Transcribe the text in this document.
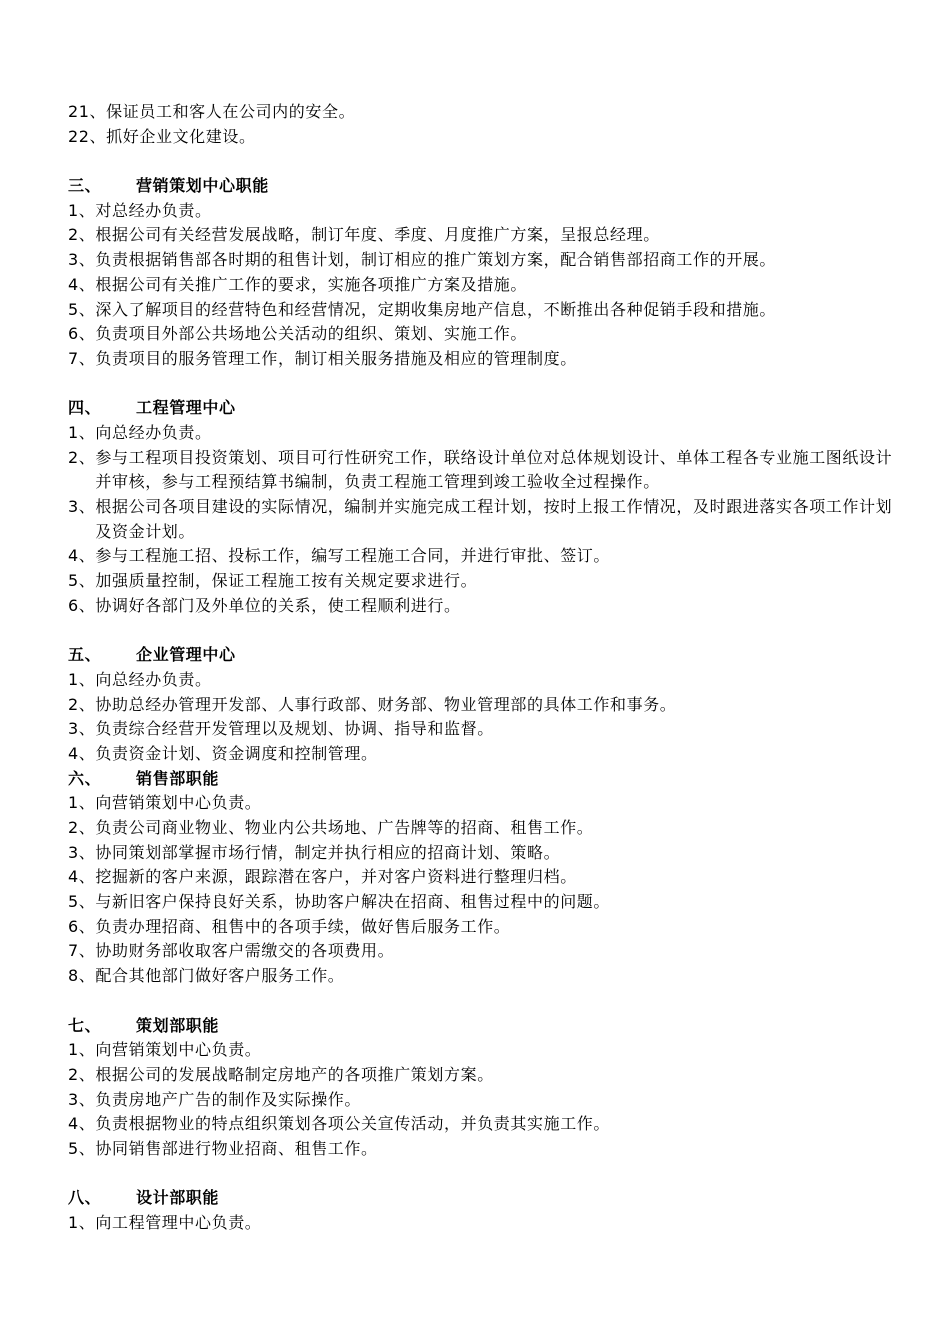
21、 保证员工和客人在公司内的安全。
22、 抓好企业文化建设。
三、	营销策划中心职能
1、 对总经办负责。
2、 根据公司有关经营发展战略，制订年度、季度、月度推广方案，呈报总经理。
3、 负责根据销售部各时期的租售计划，制订相应的推广策划方案，配合销售部招商工作的开展。
4、 根据公司有关推广工作的要求，实施各项推广方案及措施。
5、 深入了解项目的经营特色和经营情况，定期收集房地产信息，不断推出各种促销手段和措施。
6、 负责项目外部公共场地公关活动的组织、策划、实施工作。
7、 负责项目的服务管理工作，制订相关服务措施及相应的管理制度。
四、	工程管理中心
1、 向总经办负责。
2、 参与工程项目投资策划、项目可行性研究工作，联络设计单位对总体规划设计、单体工程各专业施工图纸设计并审核，参与工程预结算书编制，负责工程施工管理到竣工验收全过程操作。
3、 根据公司各项目建设的实际情况，编制并实施完成工程计划，按时上报工作情况，及时跟进落实各项工作计划及资金计划。
4、 参与工程施工招、投标工作，编写工程施工合同，并进行审批、签订。
5、 加强质量控制，保证工程施工按有关规定要求进行。
6、 协调好各部门及外单位的关系，使工程顺利进行。
五、	企业管理中心
1、 向总经办负责。
2、 协助总经办管理开发部、人事行政部、财务部、物业管理部的具体工作和事务。
3、 负责综合经营开发管理以及规划、协调、指导和监督。
4、 负责资金计划、资金调度和控制管理。
六、	销售部职能
1、 向营销策划中心负责。
2、 负责公司商业物业、物业内公共场地、广告牌等的招商、租售工作。
3、 协同策划部掌握市场行情，制定并执行相应的招商计划、策略。
4、 挖掘新的客户来源，跟踪潜在客户，并对客户资料进行整理归档。
5、 与新旧客户保持良好关系，协助客户解决在招商、租售过程中的问题。
6、 负责办理招商、租售中的各项手续，做好售后服务工作。
7、 协助财务部收取客户需缴交的各项费用。
8、 配合其他部门做好客户服务工作。
七、	策划部职能
1、 向营销策划中心负责。
2、 根据公司的发展战略制定房地产的各项推广策划方案。
3、 负责房地产广告的制作及实际操作。
4、 负责根据物业的特点组织策划各项公关宣传活动，并负责其实施工作。
5、 协同销售部进行物业招商、租售工作。
八、	设计部职能
1、 向工程管理中心负责。
